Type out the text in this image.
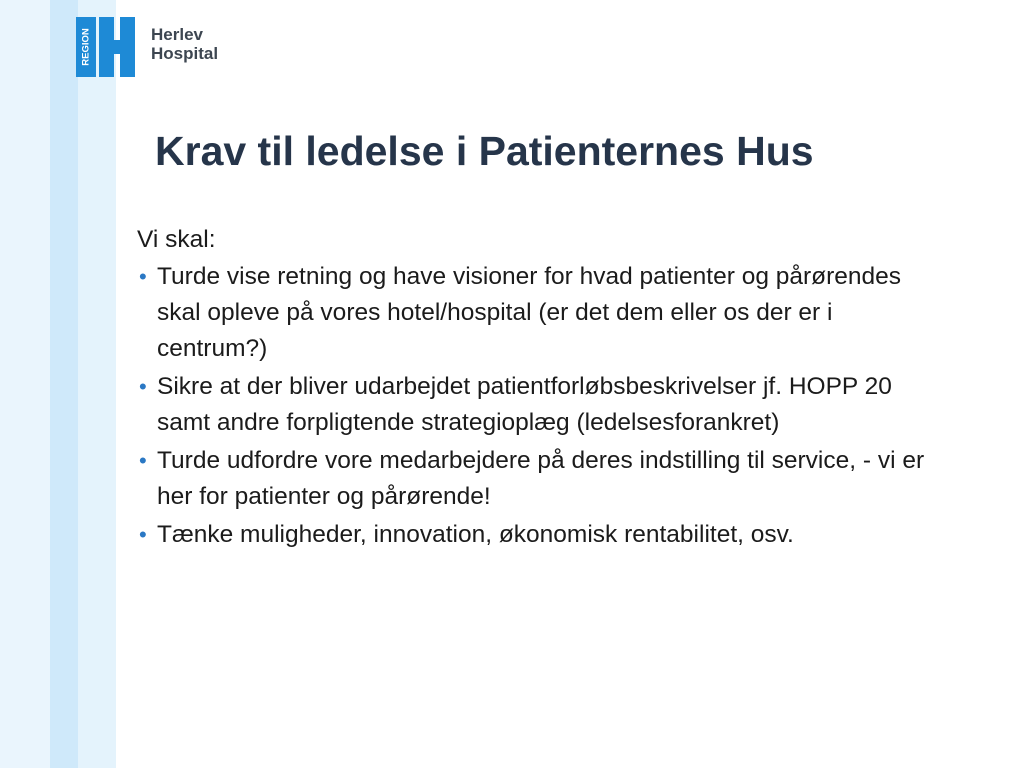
REGION	Herlev
Hospital
Krav til ledelse i Patienternes Hus

Vi skal:

• Turde vise retning og have visioner for hvad patienter og pårørendes skal opleve på vores hotel/hospital (er det dem eller os der er i centrum?)
• Sikre at der bliver udarbejdet patientforløbsbeskrivelser jf. HOPP 20 samt andre forpligtende strategioplæg (ledelsesforankret)
• Turde udfordre vore medarbejdere på deres indstilling til service, - vi er her for patienter og pårørende!
• Tænke muligheder, innovation, økonomisk rentabilitet, osv.
